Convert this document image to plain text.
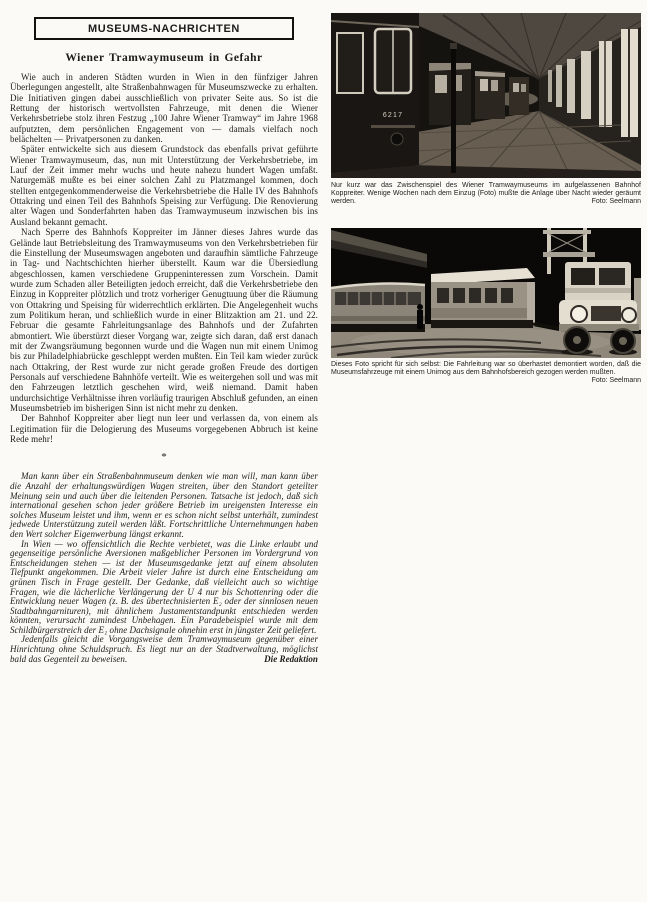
MUSEUMS-NACHRICHTEN
Wiener Tramwaymuseum in Gefahr

Wie auch in anderen Städten wurden in Wien in den fünfziger Jahren Überlegungen angestellt, alte Straßenbahnwagen für Museumszwecke zu erhalten. Die Initiativen gingen dabei ausschließlich von privater Seite aus. So ist die Rettung der historisch wertvollsten Fahrzeuge, mit denen die Wiener Verkehrsbetriebe stolz ihren Festzug „100 Jahre Wiener Tramway“ im Jahre 1968 aufputzten, dem persönlichen Engagement von — damals vielfach noch belächelten — Privatpersonen zu danken.

Später entwickelte sich aus diesem Grundstock das ebenfalls privat geführte Wiener Tramwaymuseum, das, nun mit Unterstützung der Verkehrsbetriebe, im Lauf der Zeit immer mehr wuchs und heute nahezu hundert Wagen umfaßt. Naturgemäß mußte es bei einer solchen Zahl zu Platzmangel kommen, doch stellten entgegenkommenderweise die Verkehrsbetriebe die Halle IV des Bahnhofs Ottakring und einen Teil des Bahnhofs Speising zur Verfügung. Die Renovierung alter Wagen und Sonderfahrten haben das Tramwaymuseum inzwischen bis ins Ausland bekannt gemacht.

Nach Sperre des Bahnhofs Koppreiter im Jänner dieses Jahres wurde das Gelände laut Betriebsleitung des Tramwaymuseums von den Verkehrsbetrieben für die Einstellung der Museumswagen angeboten und daraufhin sämtliche Fahrzeuge in Tag- und Nachtschichten hierher überstellt. Kaum war die Übersiedlung abgeschlossen, kamen verschiedene Gruppeninteressen zum Vorschein. Damit wurde zum Schaden aller Beteiligten jedoch erreicht, daß die Verkehrsbetriebe den Einzug in Koppreiter plötzlich und trotz vorheriger Genugtuung über die Räumung von Ottakring und Speising für widerrechtlich erklärten. Die Angelegenheit wuchs zum Politikum heran, und schließlich wurde in einer Blitzaktion am 21. und 22. Februar die gesamte Fahrleitungsanlage des Bahnhofs und der Zufahrten abmontiert. Wie überstürzt dieser Vorgang war, zeigte sich daran, daß erst danach mit der Zwangsräumung begonnen wurde und die Wagen nun mit einem Unimog bis zur Philadelphiabrücke geschleppt werden mußten. Ein Teil kam wieder zurück nach Ottakring, der Rest wurde zur nicht gerade großen Freude des dortigen Personals auf verschiedene Bahnhöfe verteilt. Wie es weitergehen soll und was mit den Fahrzeugen letztlich geschehen wird, weiß niemand. Damit haben undurchsichtige Verhältnisse ihren vorläufig traurigen Abschluß gefunden, an einen Museumsbetrieb im bisherigen Sinn ist nicht mehr zu denken.

Der Bahnhof Koppreiter aber liegt nun leer und verlassen da, von einem als Legitimation für die Delogierung des Museums vorgegebenen Abbruch ist keine Rede mehr!

*

Man kann über ein Straßenbahnmuseum denken wie man will, man kann über die Anzahl der erhaltungswürdigen Wagen streiten, über den Standort geteilter Meinung sein und auch über die leitenden Personen. Tatsache ist jedoch, daß sich international gesehen schon jeder größere Betrieb im ureigensten Interesse ein solches Museum leistet und ihm, wenn er es schon nicht selbst unterhält, zumindest jedwede Unterstützung zuteil werden läßt. Fortschrittliche Unternehmungen haben den Wert solcher Eigenwerbung längst erkannt.

In Wien — wo offensichtlich die Rechte verbietet, was die Linke erlaubt und gegenseitige persönliche Aversionen maßgeblicher Personen im Vordergrund von Entscheidungen stehen — ist der Museumsgedanke jetzt auf einem absoluten Tiefpunkt angekommen. Die Arbeit vieler Jahre ist durch eine Entscheidung am grünen Tisch in Frage gestellt. Der Gedanke, daß vielleicht auch so wichtige Fragen, wie die lächerliche Verlängerung der U 4 nur bis Schottenring oder die Entwicklung neuer Wagen (z. B. des übertechnisierten E₂ oder der sinnlosen neuen Stadtbahngarnituren), mit ähnlichem Justamentstandpunkt entschieden werden könnten, verursacht zumindest Unbehagen. Ein Paradebeispiel wurde mit dem Schildbürgerstreich der E₁ ohne Dachsignale ohnehin erst in jüngster Zeit geliefert.

Jedenfalls gleicht die Vorgangsweise dem Tramwaymuseum gegenüber einer Hinrichtung ohne Schuldspruch. Es liegt nur an der Stadtverwaltung, möglichst bald das Gegenteil zu beweisen.	Die Redaktion

6217
Nur kurz war das Zwischenspiel des Wiener Tramwaymuseums im aufgelassenen Bahnhof Koppreiter. Wenige Wochen nach dem Einzug (Foto) mußte die Anlage über Nacht wieder geräumt werden.	Foto: Seelmann
Dieses Foto spricht für sich selbst: Die Fahrleitung war so überhastet demontiert worden, daß die Museumsfahrzeuge mit einem Unimog aus dem Bahnhofsbereich gezogen werden mußten.
Foto: Seelmann
